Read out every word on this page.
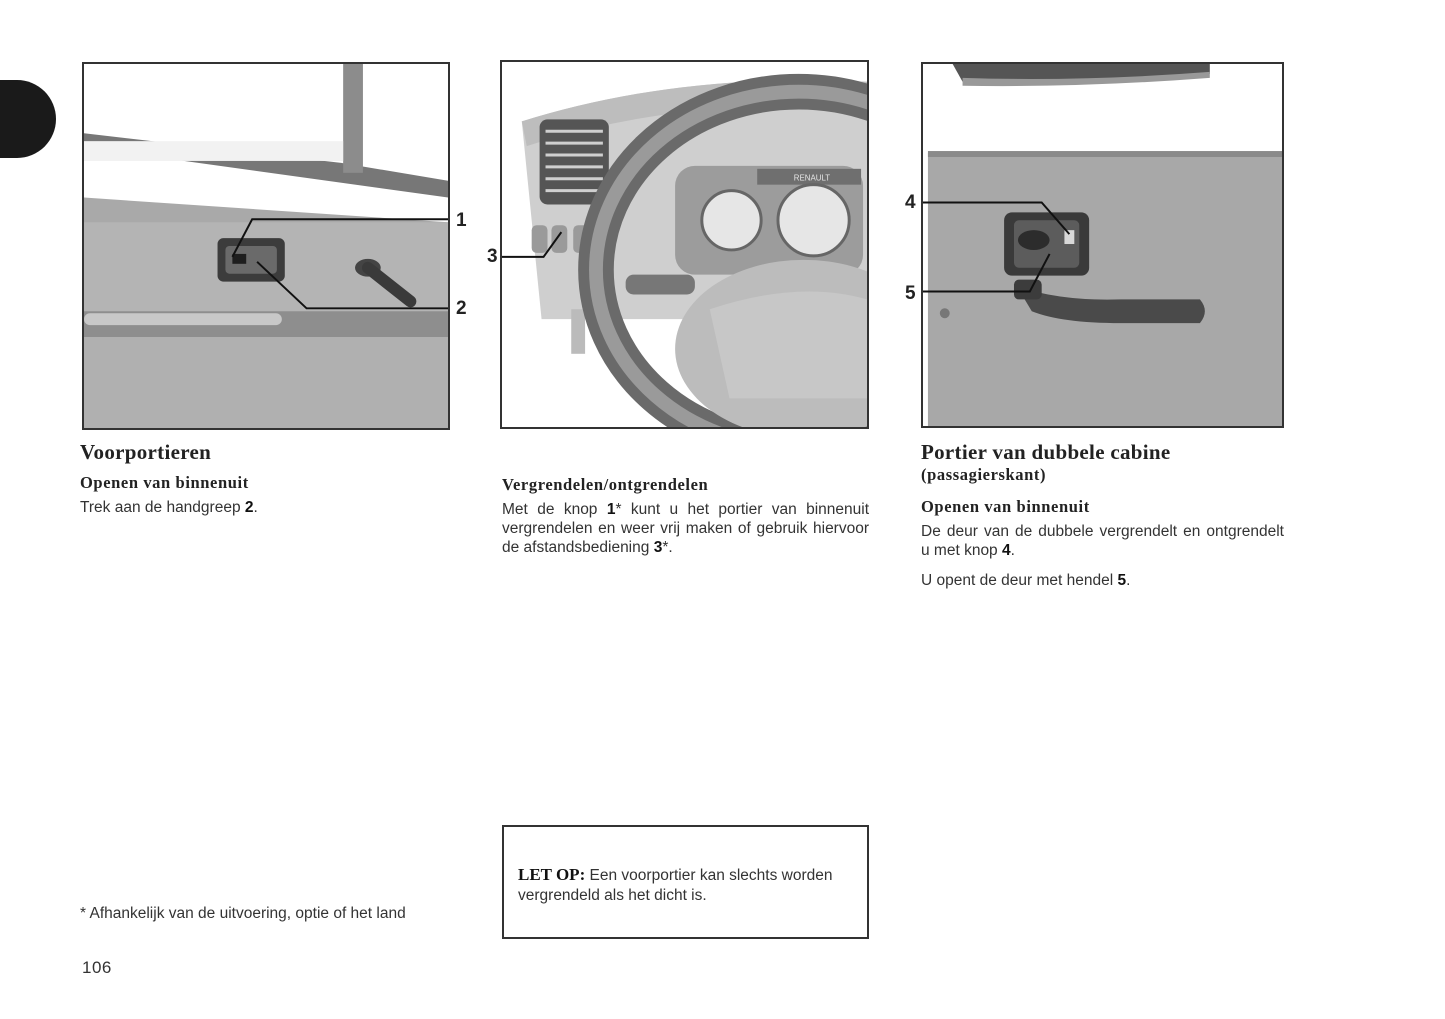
1
2
RENAULT
3
4
5
Voorportieren
Openen van binnenuit

Trek aan de handgreep 2.

Vergrendelen/ontgrendelen

Met de knop 1* kunt u het portier van binnenuit vergrendelen en weer vrij maken of gebruik hiervoor de afstandsbediening 3*.

Portier van dubbele cabine
(passagierskant)
Openen van binnenuit

De deur van de dubbele vergrendelt en ontgrendelt u met knop 4.

U opent de deur met hendel 5.

LET OP: Een voorportier kan slechts worden vergrendeld als het dicht is.

* Afhankelijk van de uitvoering, optie of het land

106
